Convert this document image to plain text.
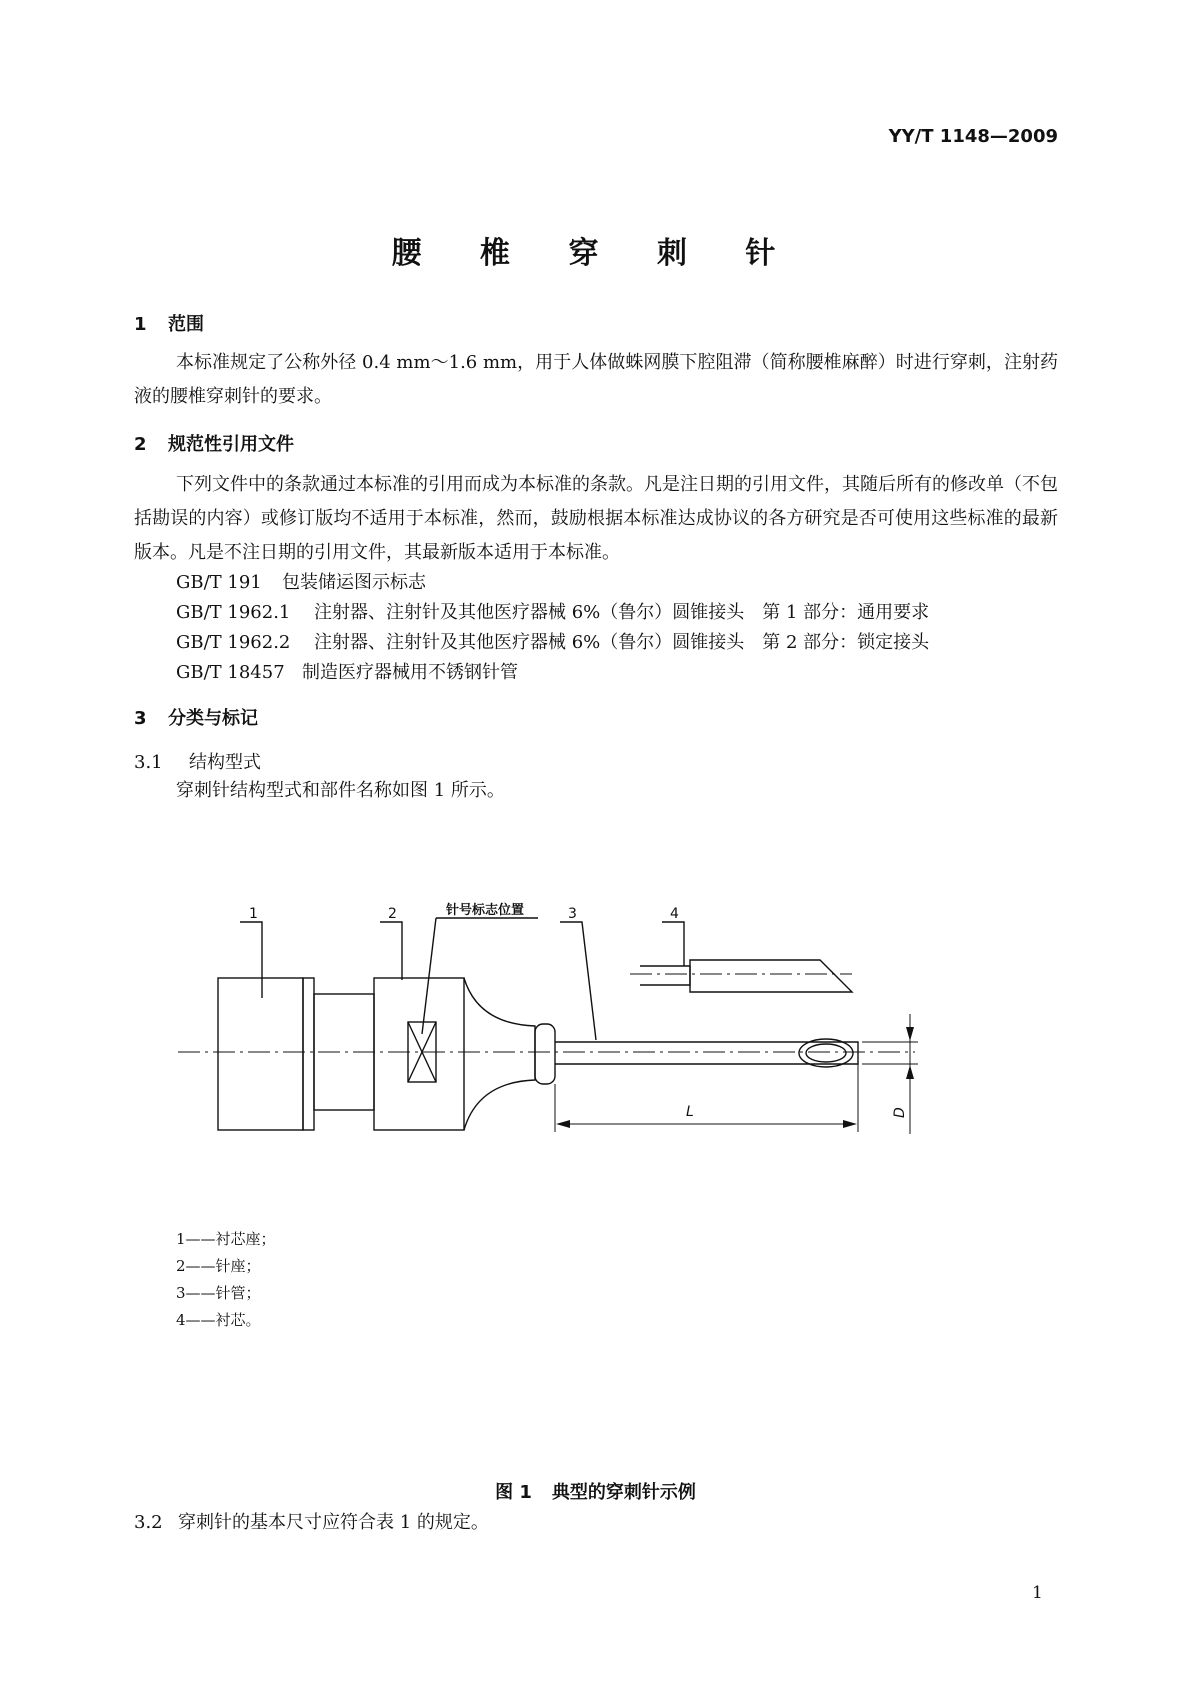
YY/T 1148—2009
腰 椎 穿 刺 针
1 范围
本标准规定了公称外径 0.4 mm～1.6 mm，用于人体做蛛网膜下腔阻滞（简称腰椎麻醉）时进行穿刺，注射药液的腰椎穿刺针的要求。
2 规范性引用文件
下列文件中的条款通过本标准的引用而成为本标准的条款。凡是注日期的引用文件，其随后所有的修改单（不包括勘误的内容）或修订版均不适用于本标准，然而，鼓励根据本标准达成协议的各方研究是否可使用这些标准的最新版本。凡是不注日期的引用文件，其最新版本适用于本标准。
GB/T 191 包装储运图示标志
GB/T 1962.1 注射器、注射针及其他医疗器械 6%（鲁尔）圆锥接头　第 1 部分：通用要求
GB/T 1962.2 注射器、注射针及其他医疗器械 6%（鲁尔）圆锥接头　第 2 部分：锁定接头
GB/T 18457 制造医疗器械用不锈钢针管
3 分类与标记
3.1 结构型式
穿刺针结构型式和部件名称如图 1 所示。
1	2	针号标志位置	3	4
L	D
1——衬芯座；
2——针座；
3——针管；
4——衬芯。
图 1 典型的穿刺针示例
3.2 穿刺针的基本尺寸应符合表 1 的规定。
1
